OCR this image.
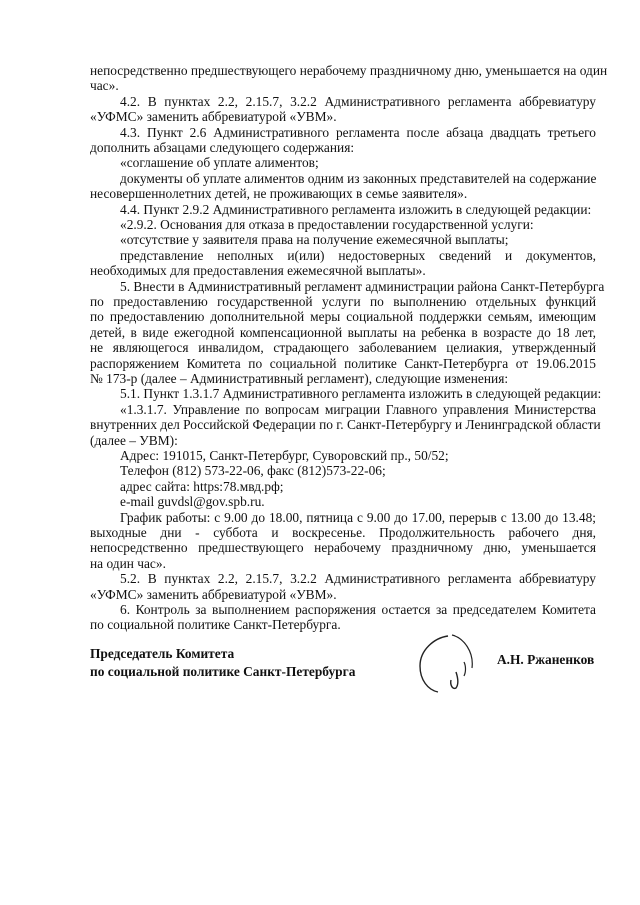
непосредственно предшествующего нерабочему праздничному дню, уменьшается на один
час».
4.2. В пунктах 2.2, 2.15.7, 3.2.2 Административного регламента аббревиатуру
«УФМС» заменить аббревиатурой «УВМ».
4.3. Пункт 2.6 Административного регламента после абзаца двадцать третьего
дополнить абзацами следующего содержания:
«соглашение об уплате алиментов;
документы об уплате алиментов одним из законных представителей на содержание
несовершеннолетних детей, не проживающих в семье заявителя».
4.4. Пункт 2.9.2 Административного регламента изложить в следующей редакции:
«2.9.2. Основания для отказа в предоставлении государственной услуги:
«отсутствие у заявителя права на получение ежемесячной выплаты;
представление неполных и(или) недостоверных сведений и документов,
необходимых для предоставления ежемесячной выплаты».
5. Внести в Административный регламент администрации района Санкт-Петербурга
по предоставлению государственной услуги по выполнению отдельных функций
по предоставлению дополнительной меры социальной поддержки семьям, имеющим
детей, в виде ежегодной компенсационной выплаты на ребенка в возрасте до 18 лет,
не являющегося инвалидом, страдающего заболеванием целиакия, утвержденный
распоряжением Комитета по социальной политике Санкт-Петербурга от 19.06.2015
№ 173-р (далее – Административный регламент), следующие изменения:
5.1. Пункт 1.3.1.7 Административного регламента изложить в следующей редакции:
«1.3.1.7. Управление по вопросам миграции Главного управления Министерства
внутренних дел Российской Федерации по г. Санкт-Петербургу и Ленинградской области
(далее – УВМ):
Адрес: 191015, Санкт-Петербург, Суворовский пр., 50/52;
Телефон (812) 573-22-06, факс (812)573-22-06;
адрес сайта: https:78.мвд.рф;
e-mail guvdsl@gov.spb.ru.
График работы: с 9.00 до 18.00, пятница с 9.00 до 17.00, перерыв с 13.00 до 13.48;
выходные дни - суббота и воскресенье. Продолжительность рабочего дня,
непосредственно предшествующего нерабочему праздничному дню, уменьшается
на один час».
5.2. В пунктах 2.2, 2.15.7, 3.2.2 Административного регламента аббревиатуру
«УФМС» заменить аббревиатурой «УВМ».
6. Контроль за выполнением распоряжения остается за председателем Комитета
по социальной политике Санкт-Петербурга.
Председатель Комитета
по социальной политике Санкт-Петербурга
А.Н. Ржаненков
